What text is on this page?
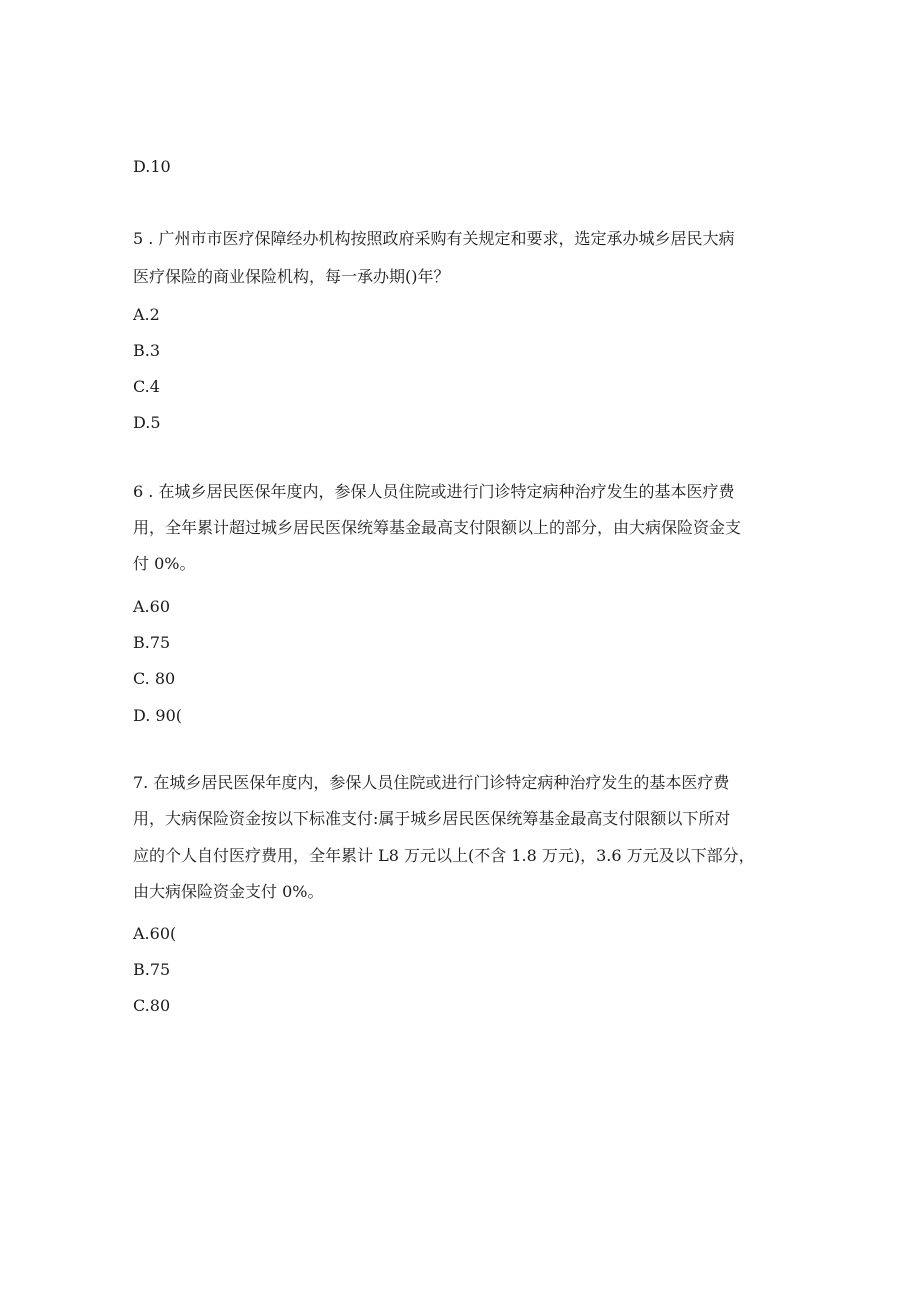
D.10
5 . 广州市市医疗保障经办机构按照政府采购有关规定和要求，选定承办城乡居民大病
医疗保险的商业保险机构，每一承办期()年？
A.2
B.3
C.4
D.5
6 . 在城乡居民医保年度内，参保人员住院或进行门诊特定病种治疗发生的基本医疗费
用，全年累计超过城乡居民医保统筹基金最高支付限额以上的部分，由大病保险资金支
付 0%。
A.60
B.75
C. 80
D. 90(
7. 在城乡居民医保年度内，参保人员住院或进行门诊特定病种治疗发生的基本医疗费
用，大病保险资金按以下标准支付:属于城乡居民医保统筹基金最高支付限额以下所对
应的个人自付医疗费用，全年累计 L8 万元以上(不含 1.8 万元)，3.6 万元及以下部分，
由大病保险资金支付 0%。
A.60(
B.75
C.80
